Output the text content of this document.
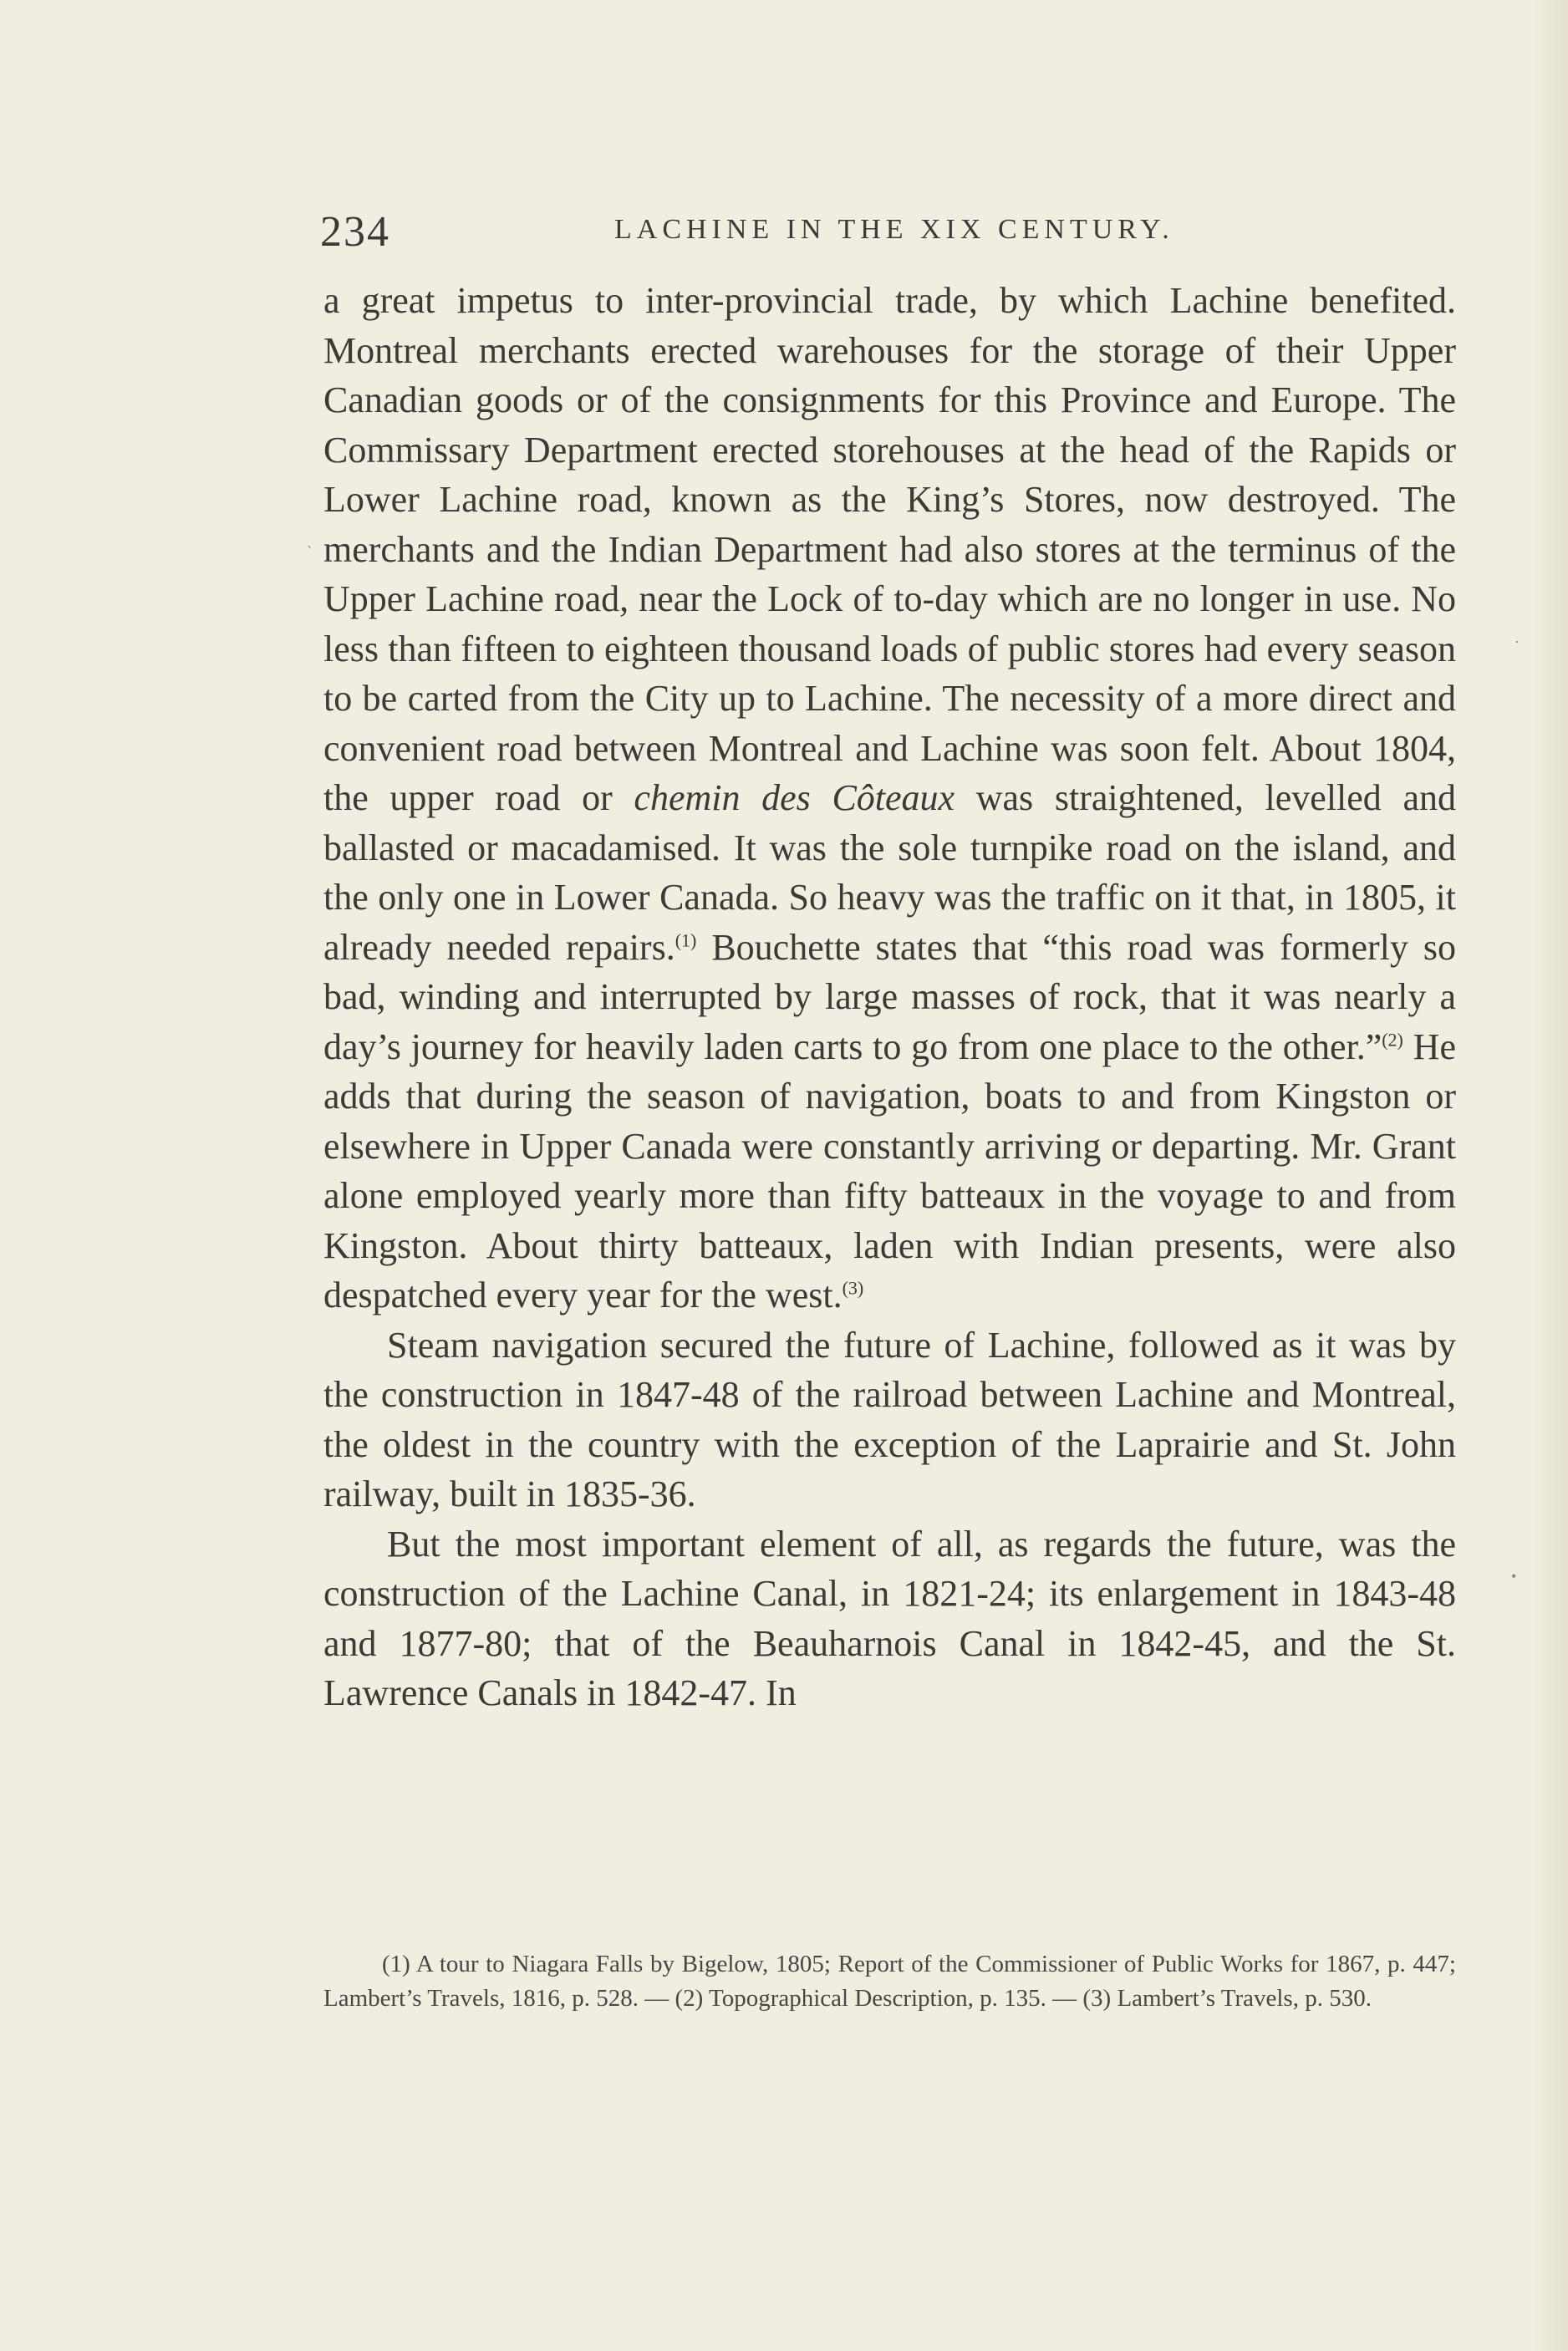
234	LACHINE IN THE XIX CENTURY.

a great impetus to inter-provincial trade, by which Lachine benefited. Montreal merchants erected warehouses for the storage of their Upper Canadian goods or of the consignments for this Province and Europe. The Commissary Department erected storehouses at the head of the Rapids or Lower Lachine road, known as the King’s Stores, now destroyed. The merchants and the Indian Department had also stores at the terminus of the Upper Lachine road, near the Lock of to-day which are no longer in use. No less than fifteen to eighteen thousand loads of public stores had every season to be carted from the City up to Lachine. The necessity of a more direct and convenient road between Montreal and Lachine was soon felt. About 1804, the upper road or chemin des Côteaux was straightened, levelled and ballasted or macadamised. It was the sole turnpike road on the island, and the only one in Lower Canada. So heavy was the traffic on it that, in 1805, it already needed repairs.$^{(1)}$ Bouchette states that “this road was formerly so bad, winding and interrupted by large masses of rock, that it was nearly a day’s journey for heavily laden carts to go from one place to the other.”$^{(2)}$ He adds that during the season of navigation, boats to and from Kingston or elsewhere in Upper Canada were constantly arriving or departing. Mr. Grant alone employed yearly more than fifty batteaux in the voyage to and from Kingston. About thirty batteaux, laden with Indian presents, were also despatched every year for the west.$^{(3)}$

Steam navigation secured the future of Lachine, followed as it was by the construction in 1847-48 of the railroad between Lachine and Montreal, the oldest in the country with the exception of the Laprairie and St. John railway, built in 1835-36.

But the most important element of all, as regards the future, was the construction of the Lachine Canal, in 1821-24; its enlargement in 1843-48 and 1877-80; that of the Beauharnois Canal in 1842-45, and the St. Lawrence Canals in 1842-47. In

(1) A tour to Niagara Falls by Bigelow, 1805; Report of the Commissioner of Public Works for 1867, p. 447; Lambert’s Travels, 1816, p. 528. — (2) Topographical Description, p. 135. — (3) Lambert’s Travels, p. 530.

‵
·
•
